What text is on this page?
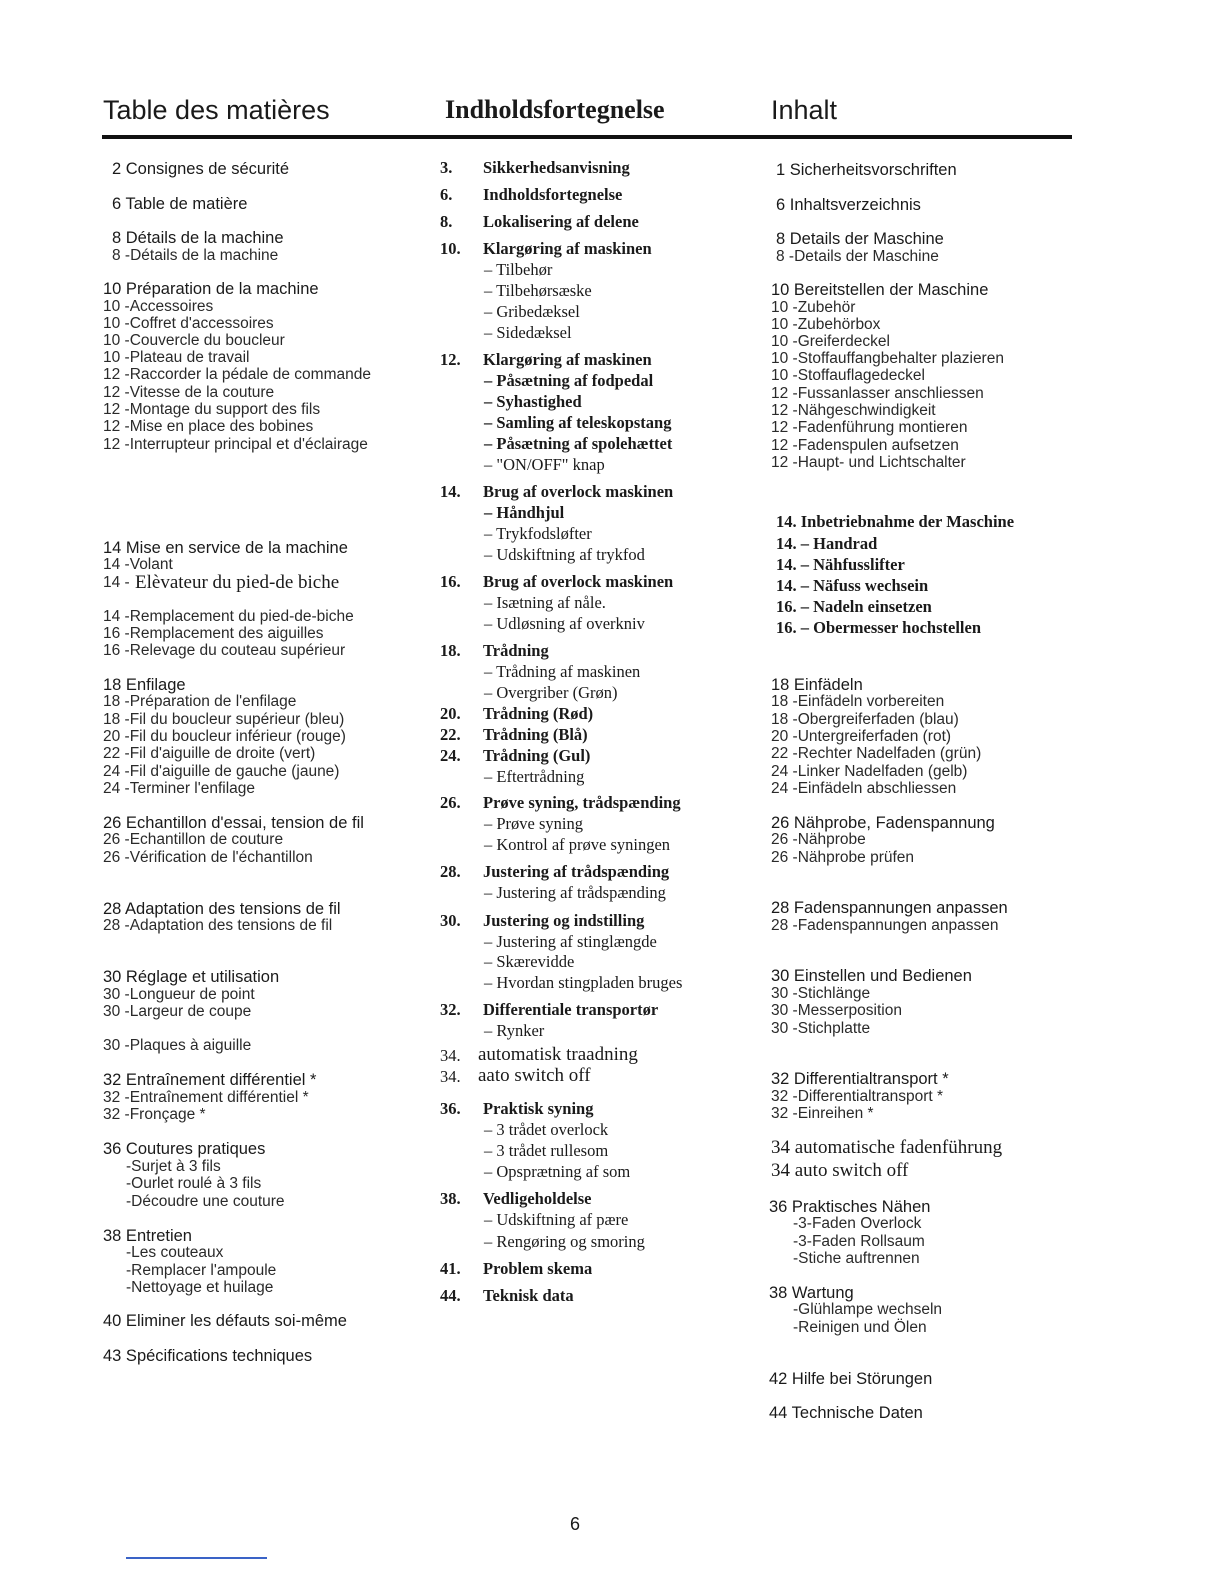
Table des matières	Indholdsfortegnelse	Inhalt
2 Consignes de sécurité
6 Table de matière
8 Détails de la machine
8 -Détails de la machine
10 Préparation de la machine
10 -Accessoires
10 -Coffret d'accessoires
10 -Couvercle du boucleur
10 -Plateau de travail
12 -Raccorder la pédale de commande
12 -Vitesse de la couture
12 -Montage du support des fils
12 -Mise en place des bobines
12 -Interrupteur principal et d'éclairage
14 Mise en service de la machine
14 -Volant
14 - Elèvateur du pied-de biche
14 -Remplacement du pied-de-biche
16 -Remplacement des aiguilles
16 -Relevage du couteau supérieur
18 Enfilage
18 -Préparation de l'enfilage
18 -Fil du boucleur supérieur (bleu)
20 -Fil du boucleur inférieur (rouge)
22 -Fil d'aiguille de droite (vert)
24 -Fil d'aiguille de gauche (jaune)
24 -Terminer l'enfilage
26 Echantillon d'essai, tension de fil
26 -Echantillon de couture
26 -Vérification de l'échantillon
28 Adaptation des tensions de fil
28 -Adaptation des tensions de fil
30 Réglage et utilisation
30 -Longueur de point
30 -Largeur de coupe
30 -Plaques à aiguille
32 Entraînement différentiel *
32 -Entraînement différentiel *
32 -Fronçage *
36 Coutures pratiques
-Surjet à 3 fils
-Ourlet roulé à 3 fils
-Découdre une couture
38 Entretien
-Les couteaux
-Remplacer l'ampoule
-Nettoyage et huilage
40 Eliminer les défauts soi-même
43 Spécifications techniques
3. Sikkerhedsanvisning
6. Indholdsfortegnelse
8. Lokalisering af delene
10. Klargøring af maskinen
– Tilbehør
– Tilbehørsæske
– Gribedæksel
– Sidedæksel
12. Klargøring af maskinen
– Påsætning af fodpedal
– Syhastighed
– Samling af teleskopstang
– Påsætning af spolehættet
– "ON/OFF" knap
14. Brug af overlock maskinen
– Håndhjul
– Trykfodsløfter
– Udskiftning af trykfod
16. Brug af overlock maskinen
– Isætning af nåle.
– Udløsning af overkniv
18. Trådning
– Trådning af maskinen
– Overgriber (Grøn)
20. Trådning (Rød)
22. Trådning (Blå)
24. Trådning (Gul)
– Eftertrådning
26. Prøve syning, trådspænding
– Prøve syning
– Kontrol af prøve syningen
28. Justering af trådspænding
– Justering af trådspænding
30. Justering og indstilling
– Justering af stinglængde
– Skærevidde
– Hvordan stingpladen bruges
32. Differentiale transportør
– Rynker
34. automatisk traadning
34. aato switch off
36. Praktisk syning
– 3 trådet overlock
– 3 trådet rullesom
– Opsprætning af som
38. Vedligeholdelse
– Udskiftning af pære
– Rengøring og smoring
41. Problem skema
44. Teknisk data
1 Sicherheitsvorschriften
6 Inhaltsverzeichnis
8 Details der Maschine
8 -Details der Maschine
10 Bereitstellen der Maschine
10 -Zubehör
10 -Zubehörbox
10 -Greiferdeckel
10 -Stoffauffangbehalter plazieren
10 -Stoffauflagedeckel
12 -Fussanlasser anschliessen
12 -Nähgeschwindigkeit
12 -Fadenführung montieren
12 -Fadenspulen aufsetzen
12 -Haupt- und Lichtschalter
14. Inbetriebnahme der Maschine
14. – Handrad
14. – Nähfusslifter
14. – Näfuss wechsein
16. – Nadeln einsetzen
16. – Obermesser hochstellen
18 Einfädeln
18 -Einfädeln vorbereiten
18 -Obergreiferfaden (blau)
20 -Untergreiferfaden (rot)
22 -Rechter Nadelfaden (grün)
24 -Linker Nadelfaden (gelb)
24 -Einfädeln abschliessen
26 Nähprobe, Fadenspannung
26 -Nähprobe
26 -Nähprobe prüfen
28 Fadenspannungen anpassen
28 -Fadenspannungen anpassen
30 Einstellen und Bedienen
30 -Stichlänge
30 -Messerposition
30 -Stichplatte
32 Differentialtransport *
32 -Differentialtransport *
32 -Einreihen *
34 automatische fadenführung
34 auto switch off
36 Praktisches Nähen
-3-Faden Overlock
-3-Faden Rollsaum
-Stiche auftrennen
38 Wartung
-Glühlampe wechseln
-Reinigen und Ölen
42 Hilfe bei Störungen
44 Technische Daten
6
